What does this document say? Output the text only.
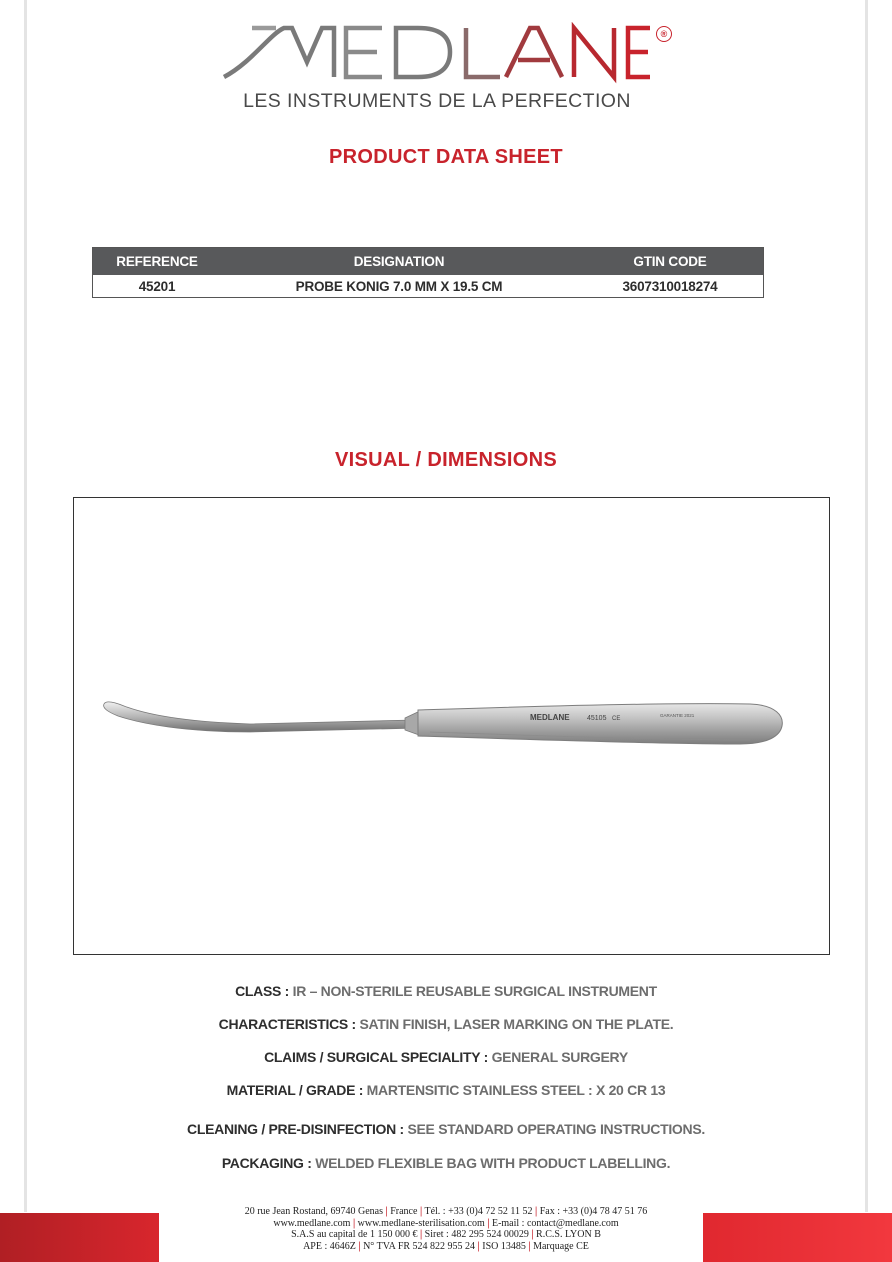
®
LES INSTRUMENTS DE LA PERFECTION
PRODUCT DATA SHEET
REFERENCE	DESIGNATION	GTIN CODE
45201	PROBE KONIG 7.0 MM X 19.5 CM	3607310018274
VISUAL / DIMENSIONS
MEDLANE 45105 CE
GARANTIE 2021
CLASS : IR – NON-STERILE REUSABLE SURGICAL INSTRUMENT
CHARACTERISTICS : SATIN FINISH, LASER MARKING ON THE PLATE.
CLAIMS / SURGICAL SPECIALITY : GENERAL SURGERY
MATERIAL / GRADE : MARTENSITIC STAINLESS STEEL : X 20 CR 13
CLEANING / PRE-DISINFECTION : SEE STANDARD OPERATING INSTRUCTIONS.
PACKAGING : WELDED FLEXIBLE BAG WITH PRODUCT LABELLING.
20 rue Jean Rostand, 69740 Genas | France | Tél. : +33 (0)4 72 52 11 52 | Fax : +33 (0)4 78 47 51 76
www.medlane.com | www.medlane-sterilisation.com | E-mail : contact@medlane.com
S.A.S au capital de 1 150 000 € | Siret : 482 295 524 00029 | R.C.S. LYON B
APE : 4646Z | N° TVA FR 524 822 955 24 | ISO 13485 | Marquage CE
